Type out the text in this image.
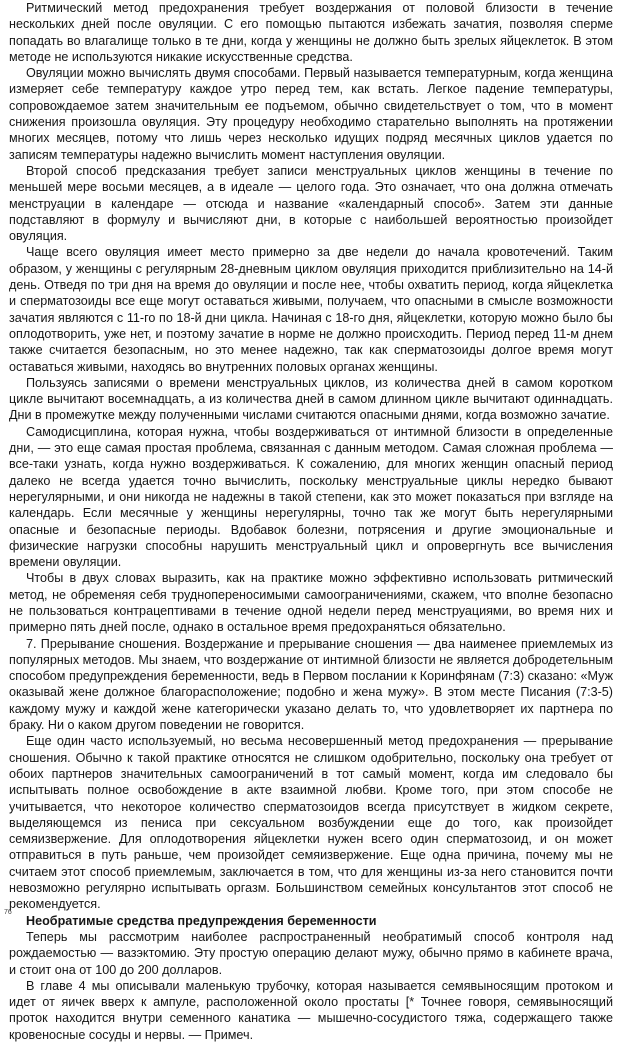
Ритмический метод предохранения требует воздержания от половой близости в течение нескольких дней после овуляции. С его помощью пытаются избежать зачатия, позволяя сперме попадать во влагалище только в те дни, когда у женщины не должно быть зрелых яйцеклеток. В этом методе не используются никакие искусственные средства.

Овуляции можно вычислять двумя способами. Первый называется температурным, когда женщина измеряет себе температуру каждое утро перед тем, как встать. Легкое падение температуры, сопровождаемое затем значительным ее подъемом, обычно свидетельствует о том, что в момент снижения произошла овуляция. Эту процедуру необходимо старательно выполнять на протяжении многих месяцев, потому что лишь через несколько идущих подряд месячных циклов удается по записям температуры надежно вычислить момент наступления овуляции.

Второй способ предсказания требует записи менструальных циклов женщины в течение по меньшей мере восьми месяцев, а в идеале — целого года. Это означает, что она должна отмечать менструации в календаре — отсюда и название «календарный способ». Затем эти данные подставляют в формулу и вычисляют дни, в которые с наибольшей вероятностью произойдет овуляция.

Чаще всего овуляция имеет место примерно за две недели до начала кровотечений. Таким образом, у женщины с регулярным 28-дневным циклом овуляция приходится приблизительно на 14-й день. Отведя по три дня на время до овуляции и после нее, чтобы охватить период, когда яйцеклетка и сперматозоиды все еще могут оставаться живыми, получаем, что опасными в смысле возможности зачатия являются с 11-го по 18-й дни цикла. Начиная с 18-го дня, яйцеклетки, которую можно было бы оплодотворить, уже нет, и поэтому зачатие в норме не должно происходить. Период перед 11-м днем также считается безопасным, но это менее надежно, так как сперматозоиды долгое время могут оставаться живыми, находясь во внутренних половых органах женщины.

Пользуясь записями о времени менструальных циклов, из количества дней в самом коротком цикле вычитают восемнадцать, а из количества дней в самом длинном цикле вычитают одиннадцать. Дни в промежутке между полученными числами считаются опасными днями, когда возможно зачатие.

Самодисциплина, которая нужна, чтобы воздерживаться от интимной близости в определенные дни, — это еще самая простая проблема, связанная с данным методом. Самая сложная проблема — все-таки узнать, когда нужно воздерживаться. К сожалению, для многих женщин опасный период далеко не всегда удается точно вычислить, поскольку менструальные циклы нередко бывают нерегулярными, и они никогда не надежны в такой степени, как это может показаться при взгляде на календарь. Если месячные у женщины нерегулярны, точно так же могут быть нерегулярными опасные и безопасные периоды. Вдобавок болезни, потрясения и другие эмоциональные и физические нагрузки способны нарушить менструальный цикл и опровергнуть все вычисления времени овуляции.

Чтобы в двух словах выразить, как на практике можно эффективно использовать ритмический метод, не обременяя себя труднопереносимыми самоограничениями, скажем, что вполне безопасно не пользоваться контрацептивами в течение одной недели перед менструациями, во время них и примерно пять дней после, однако в остальное время предохраняться обязательно.

7. Прерывание сношения. Воздержание и прерывание сношения — два наименее приемлемых из популярных методов. Мы знаем, что воздержание от интимной близости не является добродетельным способом предупреждения беременности, ведь в Первом послании к Коринфянам (7:3) сказано: «Муж оказывай жене должное благорасположение; подобно и жена мужу». В этом месте Писания (7:3-5) каждому мужу и каждой жене категорически указано делать то, что удовлетворяет их партнера по браку. Ни о каком другом поведении не говорится.

Еще один часто используемый, но весьма несовершенный метод предохранения — прерывание сношения. Обычно к такой практике относятся не слишком одобрительно, поскольку она требует от обоих партнеров значительных самоограничений в тот самый момент, когда им следовало бы испытывать полное освобождение в акте взаимной любви. Кроме того, при этом способе не учитывается, что некоторое количество сперматозоидов всегда присутствует в жидком секрете, выделяющемся из пениса при сексуальном возбуждении еще до того, как произойдет семяизвержение. Для оплодотворения яйцеклетки нужен всего один сперматозоид, и он может отправиться в путь раньше, чем произойдет семяизвержение. Еще одна причина, почему мы не считаем этот способ приемлемым, заключается в том, что для женщины из-за него становится почти невозможно регулярно испытывать оргазм. Большинством семейных консультантов этот способ не рекомендуется.

Необратимые средства предупреждения беременности

Теперь мы рассмотрим наиболее распространенный необратимый способ контроля над рождаемостью — вазэктомию. Эту простую операцию делают мужу, обычно прямо в кабинете врача, и стоит она от 100 до 200 долларов.

В главе 4 мы описывали маленькую трубочку, которая называется семявыносящим протоком и идет от яичек вверх к ампуле, расположенной около простаты [* Точнее говоря, семявыносящий проток находится внутри семенного канатика — мышечно-сосудистого тяжа, содержащего также кровеносные сосуды и нервы. — Примеч.

76
